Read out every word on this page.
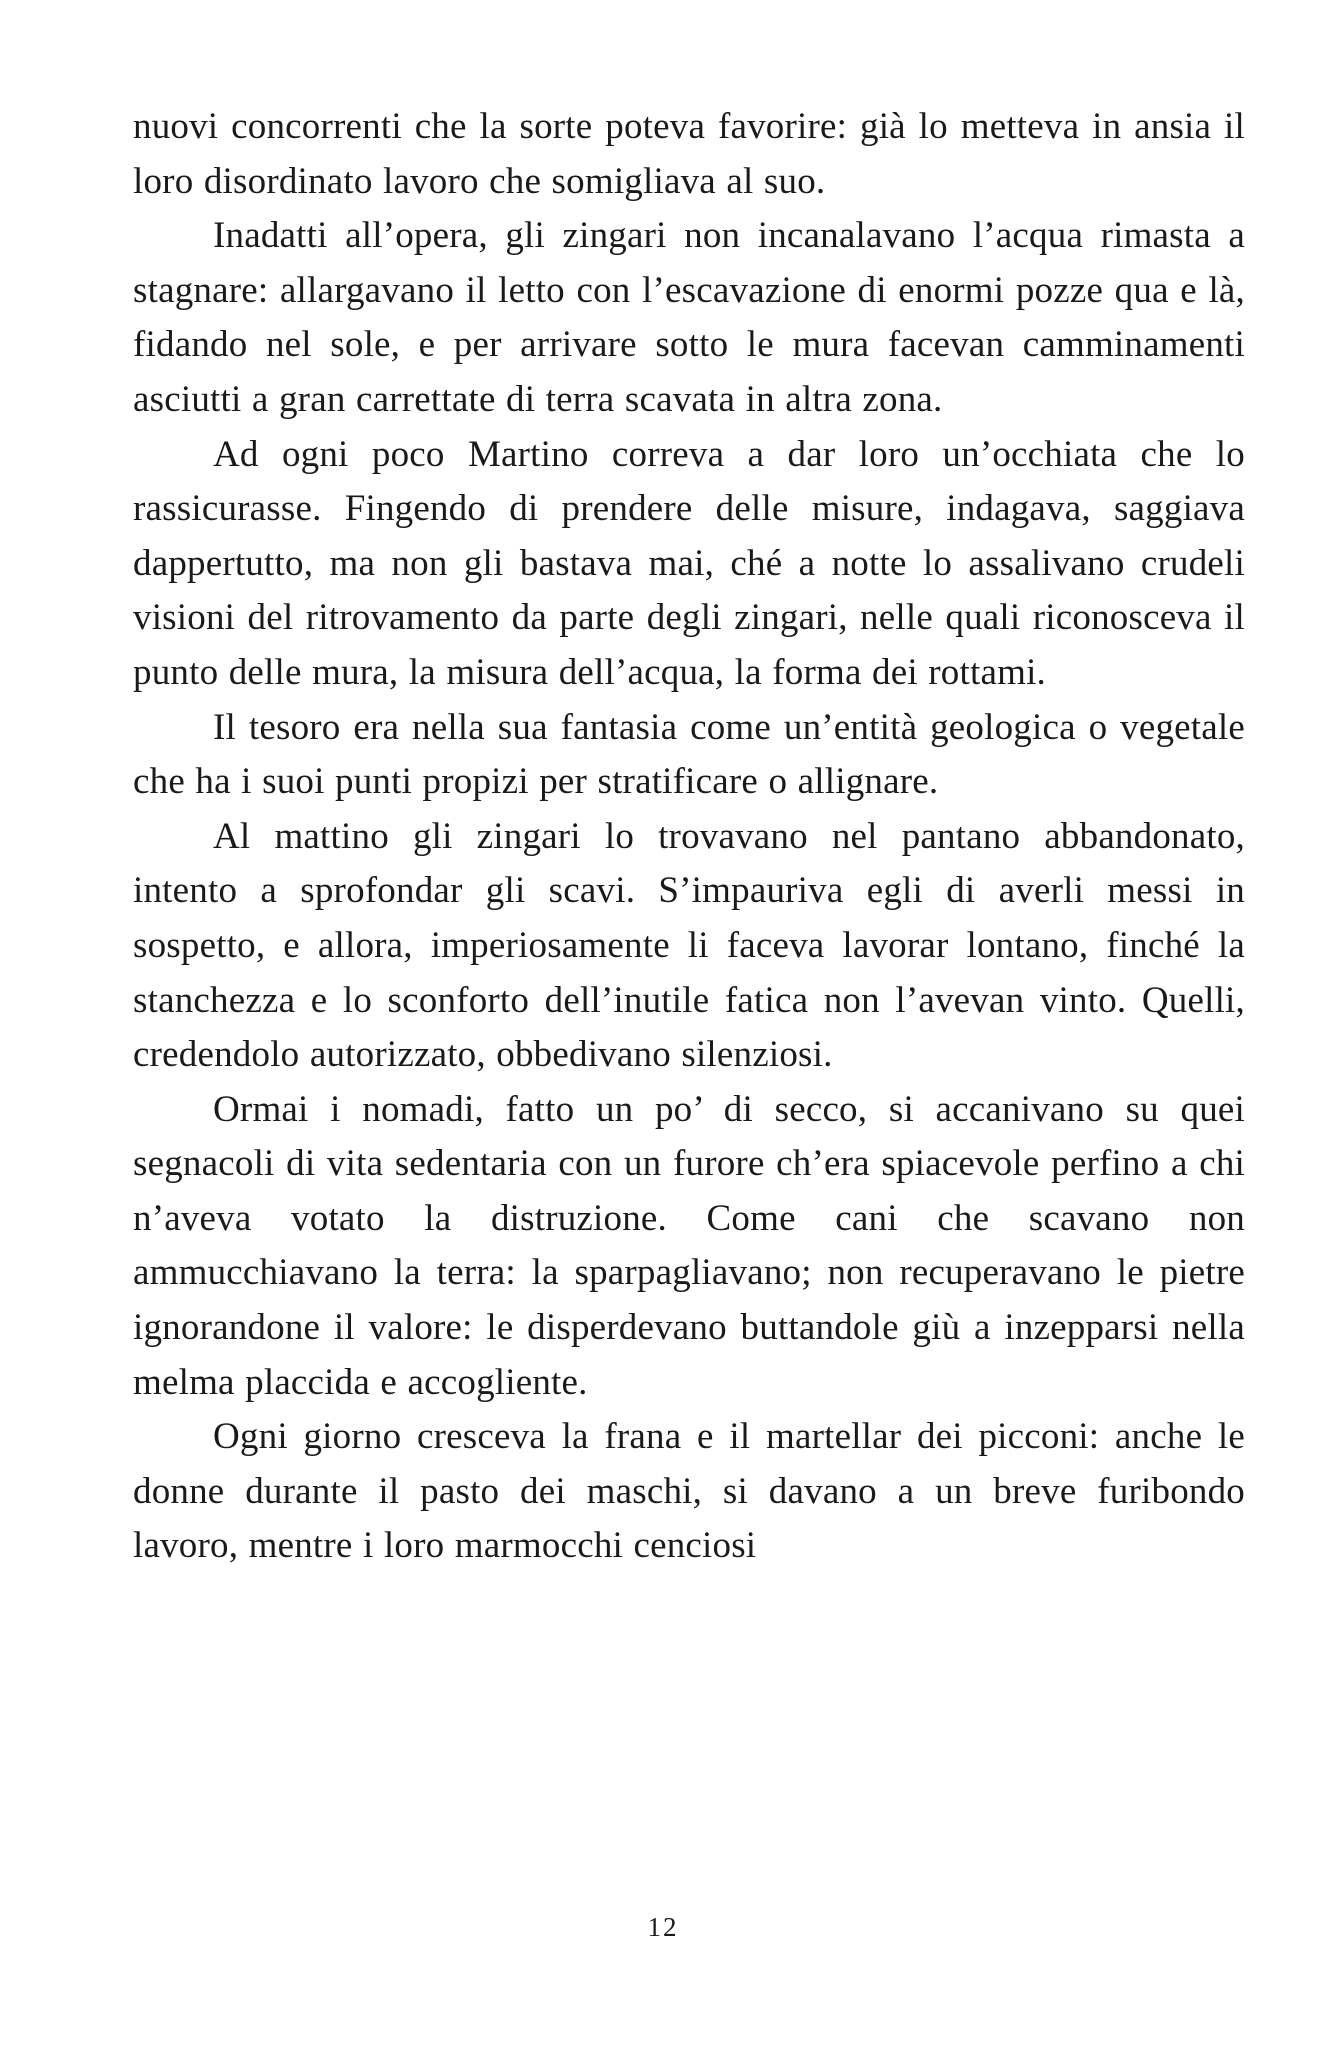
nuovi concorrenti che la sorte poteva favorire: già lo metteva in ansia il loro disordinato lavoro che somigliava al suo.

Inadatti all’opera, gli zingari non incanalavano l’acqua rimasta a stagnare: allargavano il letto con l’escavazione di enormi pozze qua e là, fidando nel sole, e per arrivare sotto le mura facevan camminamenti asciutti a gran carrettate di terra scavata in altra zona.

Ad ogni poco Martino correva a dar loro un’occhiata che lo rassicurasse. Fingendo di prendere delle misure, indagava, saggiava dappertutto, ma non gli bastava mai, ché a notte lo assalivano crudeli visioni del ritrovamento da parte degli zingari, nelle quali riconosceva il punto delle mura, la misura dell’acqua, la forma dei rottami.

Il tesoro era nella sua fantasia come un’entità geologica o vegetale che ha i suoi punti propizi per stratificare o allignare.

Al mattino gli zingari lo trovavano nel pantano abbandonato, intento a sprofondar gli scavi. S’impauriva egli di averli messi in sospetto, e allora, imperiosamente li faceva lavorar lontano, finché la stanchezza e lo sconforto dell’inutile fatica non l’avevan vinto. Quelli, credendolo autorizzato, obbedivano silenziosi.

Ormai i nomadi, fatto un po’ di secco, si accanivano su quei segnacoli di vita sedentaria con un furore ch’era spiacevole perfino a chi n’aveva votato la distruzione. Come cani che scavano non ammucchiavano la terra: la sparpagliavano; non recuperavano le pietre ignorandone il valore: le disperdevano buttandole giù a inzepparsi nella melma placcida e accogliente.

Ogni giorno cresceva la frana e il martellar dei picconi: anche le donne durante il pasto dei maschi, si davano a un breve furibondo lavoro, mentre i loro marmocchi cenciosi

12
